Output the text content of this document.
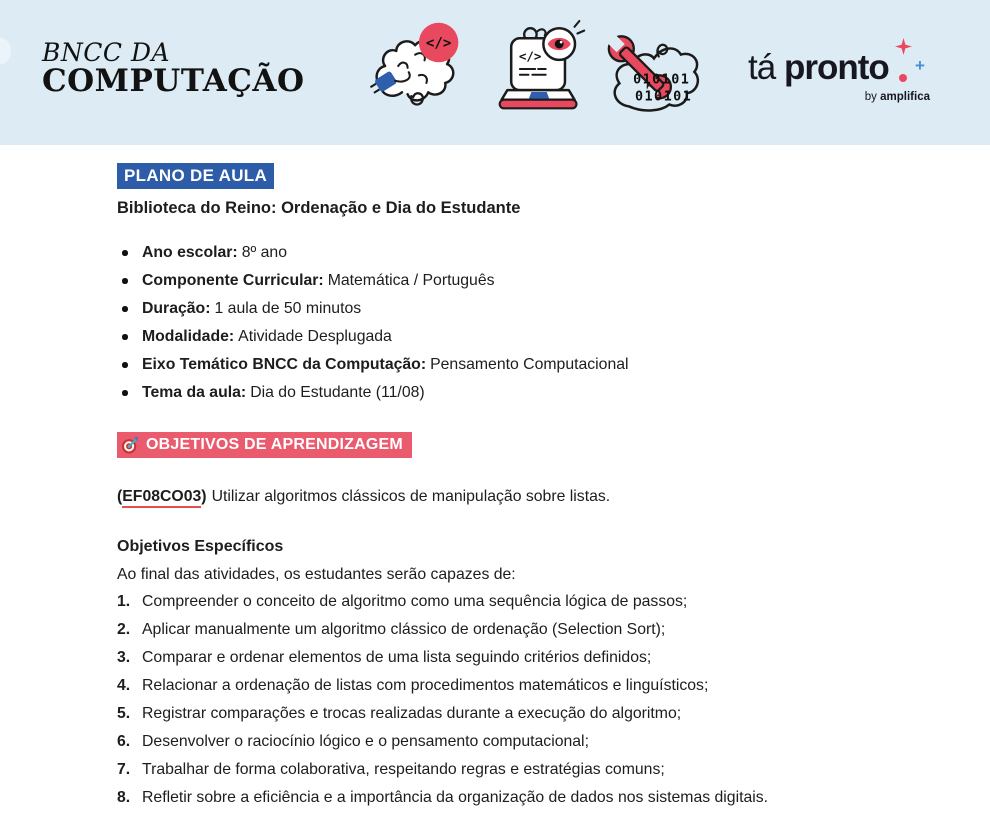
BNCC DA
COMPUTAÇÃO
</>
</>
010101
010101
tá pronto +
by amplifica
PLANO DE AULA
Biblioteca do Reino: Ordenação e Dia do Estudante
Ano escolar: 8º ano
Componente Curricular: Matemática / Português
Duração: 1 aula de 50 minutos
Modalidade: Atividade Desplugada
Eixo Temático BNCC da Computação: Pensamento Computacional
Tema da aula: Dia do Estudante (11/08)
OBJETIVOS DE APRENDIZAGEM
(EF08CO03) Utilizar algoritmos clássicos de manipulação sobre listas.
Objetivos Específicos
Ao final das atividades, os estudantes serão capazes de:
1. Compreender o conceito de algoritmo como uma sequência lógica de passos;
2. Aplicar manualmente um algoritmo clássico de ordenação (Selection Sort);
3. Comparar e ordenar elementos de uma lista seguindo critérios definidos;
4. Relacionar a ordenação de listas com procedimentos matemáticos e linguísticos;
5. Registrar comparações e trocas realizadas durante a execução do algoritmo;
6. Desenvolver o raciocínio lógico e o pensamento computacional;
7. Trabalhar de forma colaborativa, respeitando regras e estratégias comuns;
8. Refletir sobre a eficiência e a importância da organização de dados nos sistemas digitais.
